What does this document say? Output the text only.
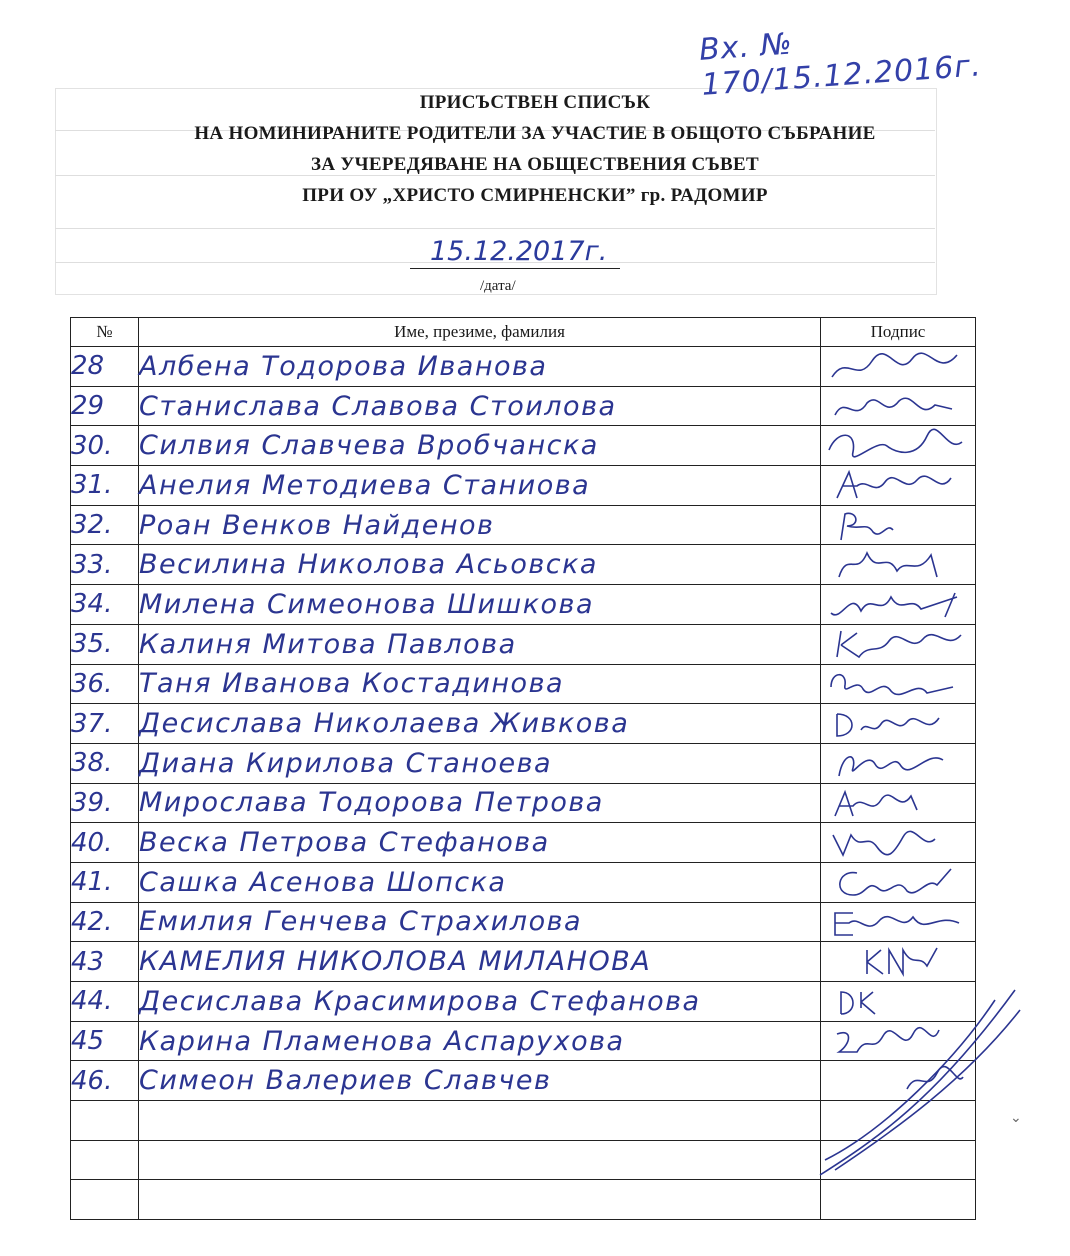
Вх. № 170/15.12.2016г.
ПРИСЪСТВЕН СПИСЪК
НА НОМИНИРАНИТЕ РОДИТЕЛИ ЗА УЧАСТИЕ В ОБЩОТО СЪБРАНИЕ
ЗА УЧЕРЕДЯВАНЕ НА ОБЩЕСТВЕНИЯ СЪВЕТ
ПРИ ОУ „ХРИСТО СМИРНЕНСКИ” гр. РАДОМИР
15.12.2017г.
/дата/
№	Име, презиме, фамилия	Подпис
28	Албена Тодорова Иванова	

29	Станислава Славова Стоилова	

30.	Силвия Славчева Вробчанска	

31.	Анелия Методиева Станиова	

32.	Роан Венков Найденов	

33.	Весилина Николова Асьовска	

34.	Милена Симеонова Шишкова	

35.	Калиня Митова Павлова	

36.	Таня Иванова Костадинова	

37.	Десислава Николаева Живкова	

38.	Диана Кирилова Станоева	

39.	Мирослава Тодорова Петрова	

40.	Веска Петрова Стефанова	

41.	Сашка Асенова Шопска	

42.	Емилия Генчева Страхилова	

43	КАМЕЛИЯ НИКОЛОВА МИЛАНОВА	

44.	Десислава Красимирова Стефанова	

45	Карина Пламенова Аспарухова	

46.	Симеон Валериев Славчев	

⌄
